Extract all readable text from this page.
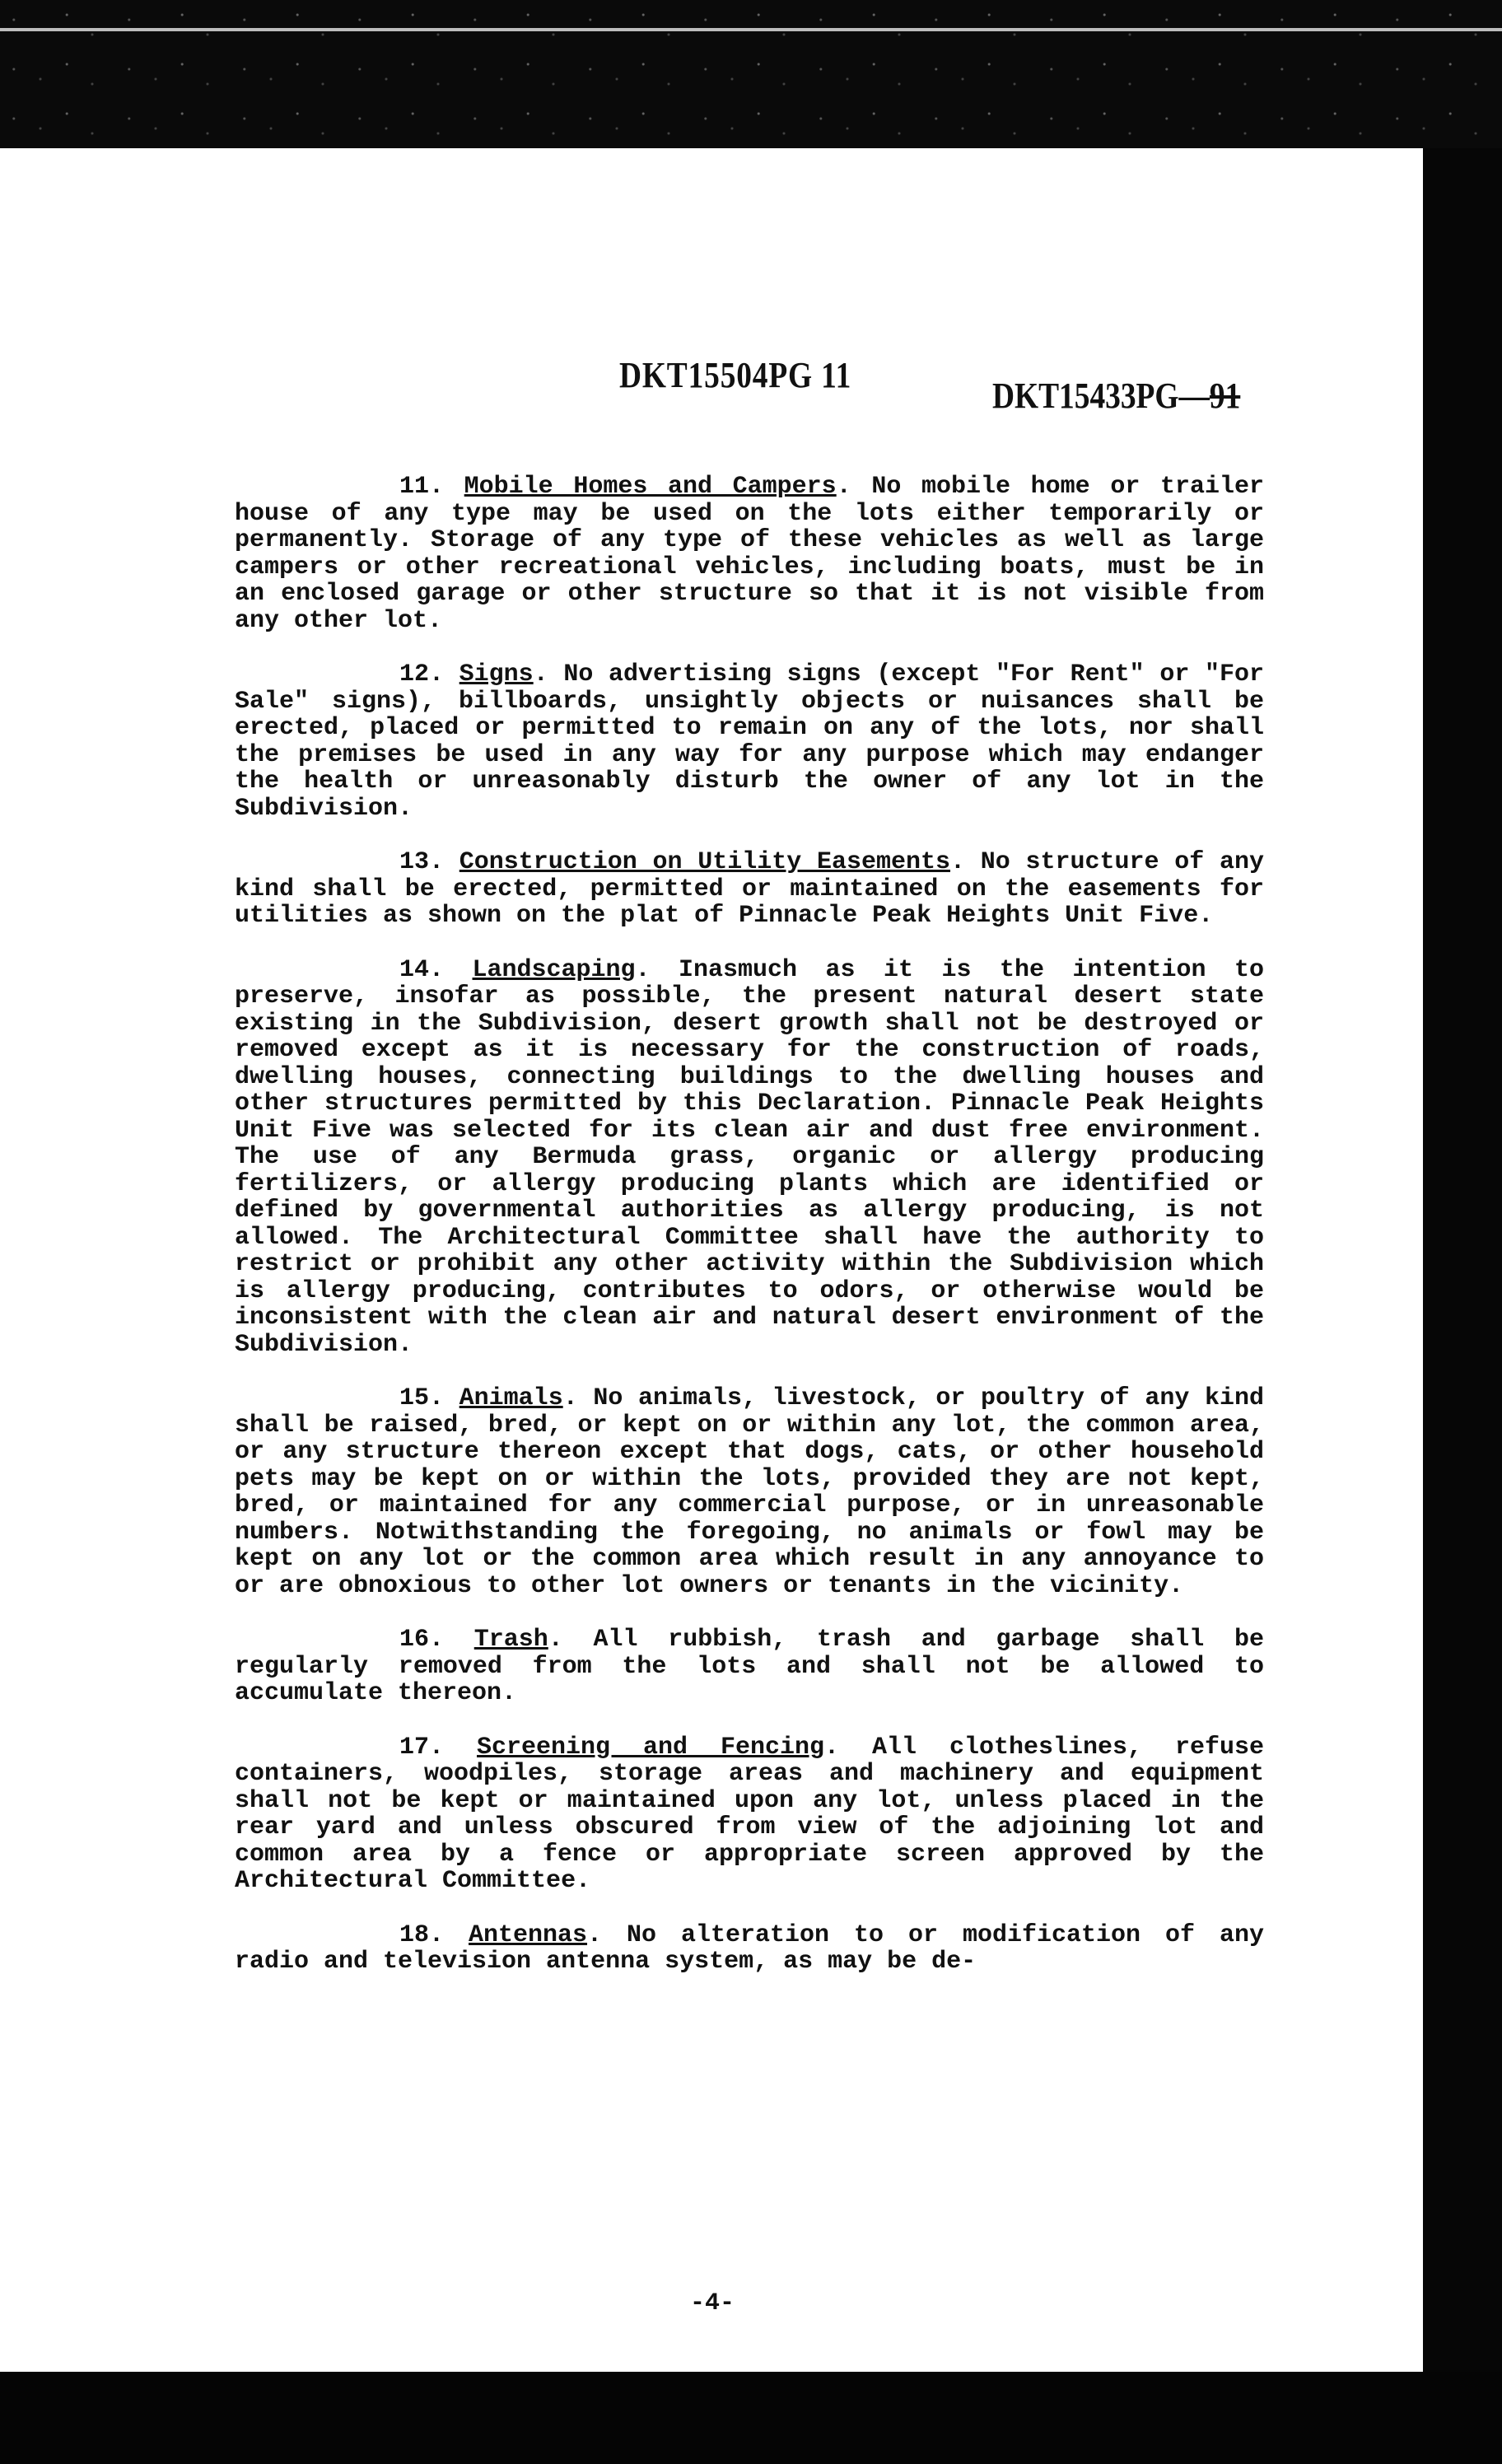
DKT15504PG 11
DKT15433PG—91

11. Mobile Homes and Campers. No mobile home or trailer house of any type may be used on the lots either temporarily or permanently. Storage of any type of these vehicles as well as large campers or other recreational vehicles, including boats, must be in an enclosed garage or other structure so that it is not visible from any other lot.

12. Signs. No advertising signs (except "For Rent" or "For Sale" signs), billboards, unsightly objects or nuisances shall be erected, placed or permitted to remain on any of the lots, nor shall the premises be used in any way for any purpose which may endanger the health or unreasonably disturb the owner of any lot in the Subdivision.

13. Construction on Utility Easements. No structure of any kind shall be erected, permitted or maintained on the easements for utilities as shown on the plat of Pinnacle Peak Heights Unit Five.

14. Landscaping. Inasmuch as it is the intention to preserve, insofar as possible, the present natural desert state existing in the Subdivision, desert growth shall not be destroyed or removed except as it is necessary for the construction of roads, dwelling houses, connecting buildings to the dwelling houses and other structures permitted by this Declaration. Pinnacle Peak Heights Unit Five was selected for its clean air and dust free environment. The use of any Bermuda grass, organic or allergy producing fertilizers, or allergy producing plants which are identified or defined by governmental authorities as allergy producing, is not allowed. The Architectural Committee shall have the authority to restrict or prohibit any other activity within the Subdivision which is allergy producing, contributes to odors, or otherwise would be inconsistent with the clean air and natural desert environment of the Subdivision.

15. Animals. No animals, livestock, or poultry of any kind shall be raised, bred, or kept on or within any lot, the common area, or any structure thereon except that dogs, cats, or other household pets may be kept on or within the lots, provided they are not kept, bred, or maintained for any commercial purpose, or in unreasonable numbers. Notwithstanding the foregoing, no animals or fowl may be kept on any lot or the common area which result in any annoyance to or are obnoxious to other lot owners or tenants in the vicinity.

16. Trash. All rubbish, trash and garbage shall be regularly removed from the lots and shall not be allowed to accumulate thereon.

17. Screening and Fencing. All clotheslines, refuse containers, woodpiles, storage areas and machinery and equipment shall not be kept or maintained upon any lot, unless placed in the rear yard and unless obscured from view of the adjoining lot and common area by a fence or appropriate screen approved by the Architectural Committee.

18. Antennas. No alteration to or modification of any radio and television antenna system, as may be de-

-4-
